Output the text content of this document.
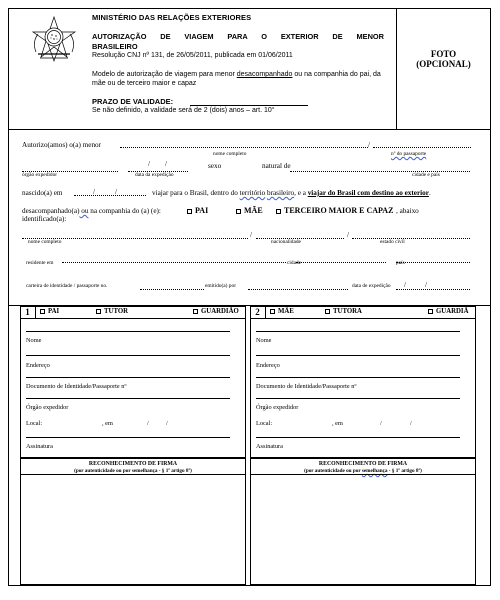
MINISTÉRIO DAS RELAÇÕES EXTERIORES
AUTORIZAÇÃO DE VIAGEM PARA O EXTERIOR DE MENOR
BRASILEIRO
Resolução CNJ nº 131, de 26/05/2011, publicada em 01/06/2011
Modelo de autorização de viagem para menor desacompanhado ou na companhia do pai, da mãe ou de terceiro maior e capaz
PRAZO DE VALIDADE:
Se não definido, a validade será de 2 (dois) anos – art. 10°
FOTO
(OPCIONAL)
Autorizo(amos) o(a) menor	/
nome completo	nº do passaporte
/ /	sexo	natural de
órgão expedidor	data da expedição	cidade e país
nascido(a) em	/	/	viajar para o Brasil, dentro do território brasileiro, e a viajar do Brasil com destino ao exterior.
desacompanhado(a) ou na companhia do (a) (e):	PAI	MÃE	TERCEIRO MAIOR E CAPAZ , abaixo
identificado(a):
/	/
nome completo	nacionalidade	estado civil
residente em	cidade	país
carteira de identidade / passaporte no.	emitido(a) por	data de expedição /	/
1	PAI	TUTOR	GUARDIÃO
Nome
Endereço
Documento de Identidade/Passaporte nº
Órgão expedidor
Local:	, em	/	/
Assinatura
RECONHECIMENTO DE FIRMA
(por autenticidade ou por semelhança - § 1º artigo 8º)
2	MÃE	TUTORA	GUARDIÃ
Nome
Endereço
Documento de Identidade/Passaporte nº
Órgão expedidor
Local:	, em	/	/
Assinatura
RECONHECIMENTO DE FIRMA
(por autenticidade ou por semelhança - § 1º artigo 8º)
